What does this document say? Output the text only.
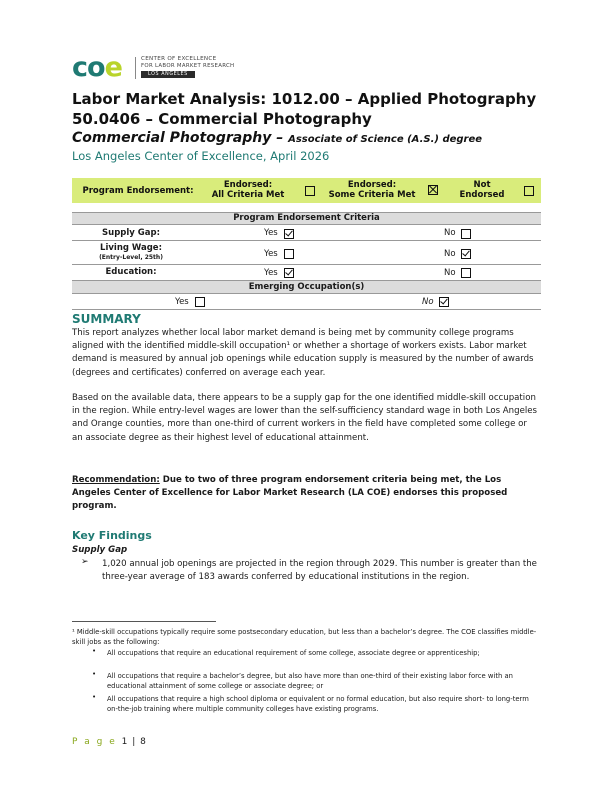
coe	CENTER OF EXCELLENCE
FOR LABOR MARKET RESEARCH
LOS ANGELES
Labor Market Analysis: 1012.00 – Applied Photography
50.0406 – Commercial Photography
Commercial Photography – Associate of Science (A.S.) degree
Los Angeles Center of Excellence, April 2026
Program Endorsement:
Endorsed:
All Criteria Met
Endorsed:
Some Criteria Met
Not
Endorsed
Program Endorsement Criteria
Supply Gap:	Yes	No
Living Wage:
(Entry-Level, 25th)	Yes	No
Education:	Yes	No
Emerging Occupation(s)
Yes	No
SUMMARY
This report analyzes whether local labor market demand is being met by community college programs aligned with the identified middle-skill occupation¹ or whether a shortage of workers exists. Labor market demand is measured by annual job openings while education supply is measured by the number of awards (degrees and certificates) conferred on average each year.
Based on the available data, there appears to be a supply gap for the one identified middle-skill occupation in the region. While entry-level wages are lower than the self-sufficiency standard wage in both Los Angeles and Orange counties, more than one-third of current workers in the field have completed some college or an associate degree as their highest level of educational attainment.
Recommendation: Due to two of three program endorsement criteria being met, the Los Angeles Center of Excellence for Labor Market Research (LA COE) endorses this proposed program.
Key Findings
Supply Gap
➢ 1,020 annual job openings are projected in the region through 2029. This number is greater than the three-year average of 183 awards conferred by educational institutions in the region.
¹ Middle-skill occupations typically require some postsecondary education, but less than a bachelor’s degree. The COE classifies middle-skill jobs as the following:
• All occupations that require an educational requirement of some college, associate degree or apprenticeship;
• All occupations that require a bachelor’s degree, but also have more than one-third of their existing labor force with an educational attainment of some college or associate degree; or
• All occupations that require a high school diploma or equivalent or no formal education, but also require short- to long-term on-the-job training where multiple community colleges have existing programs.
P a g e 1 | 8
